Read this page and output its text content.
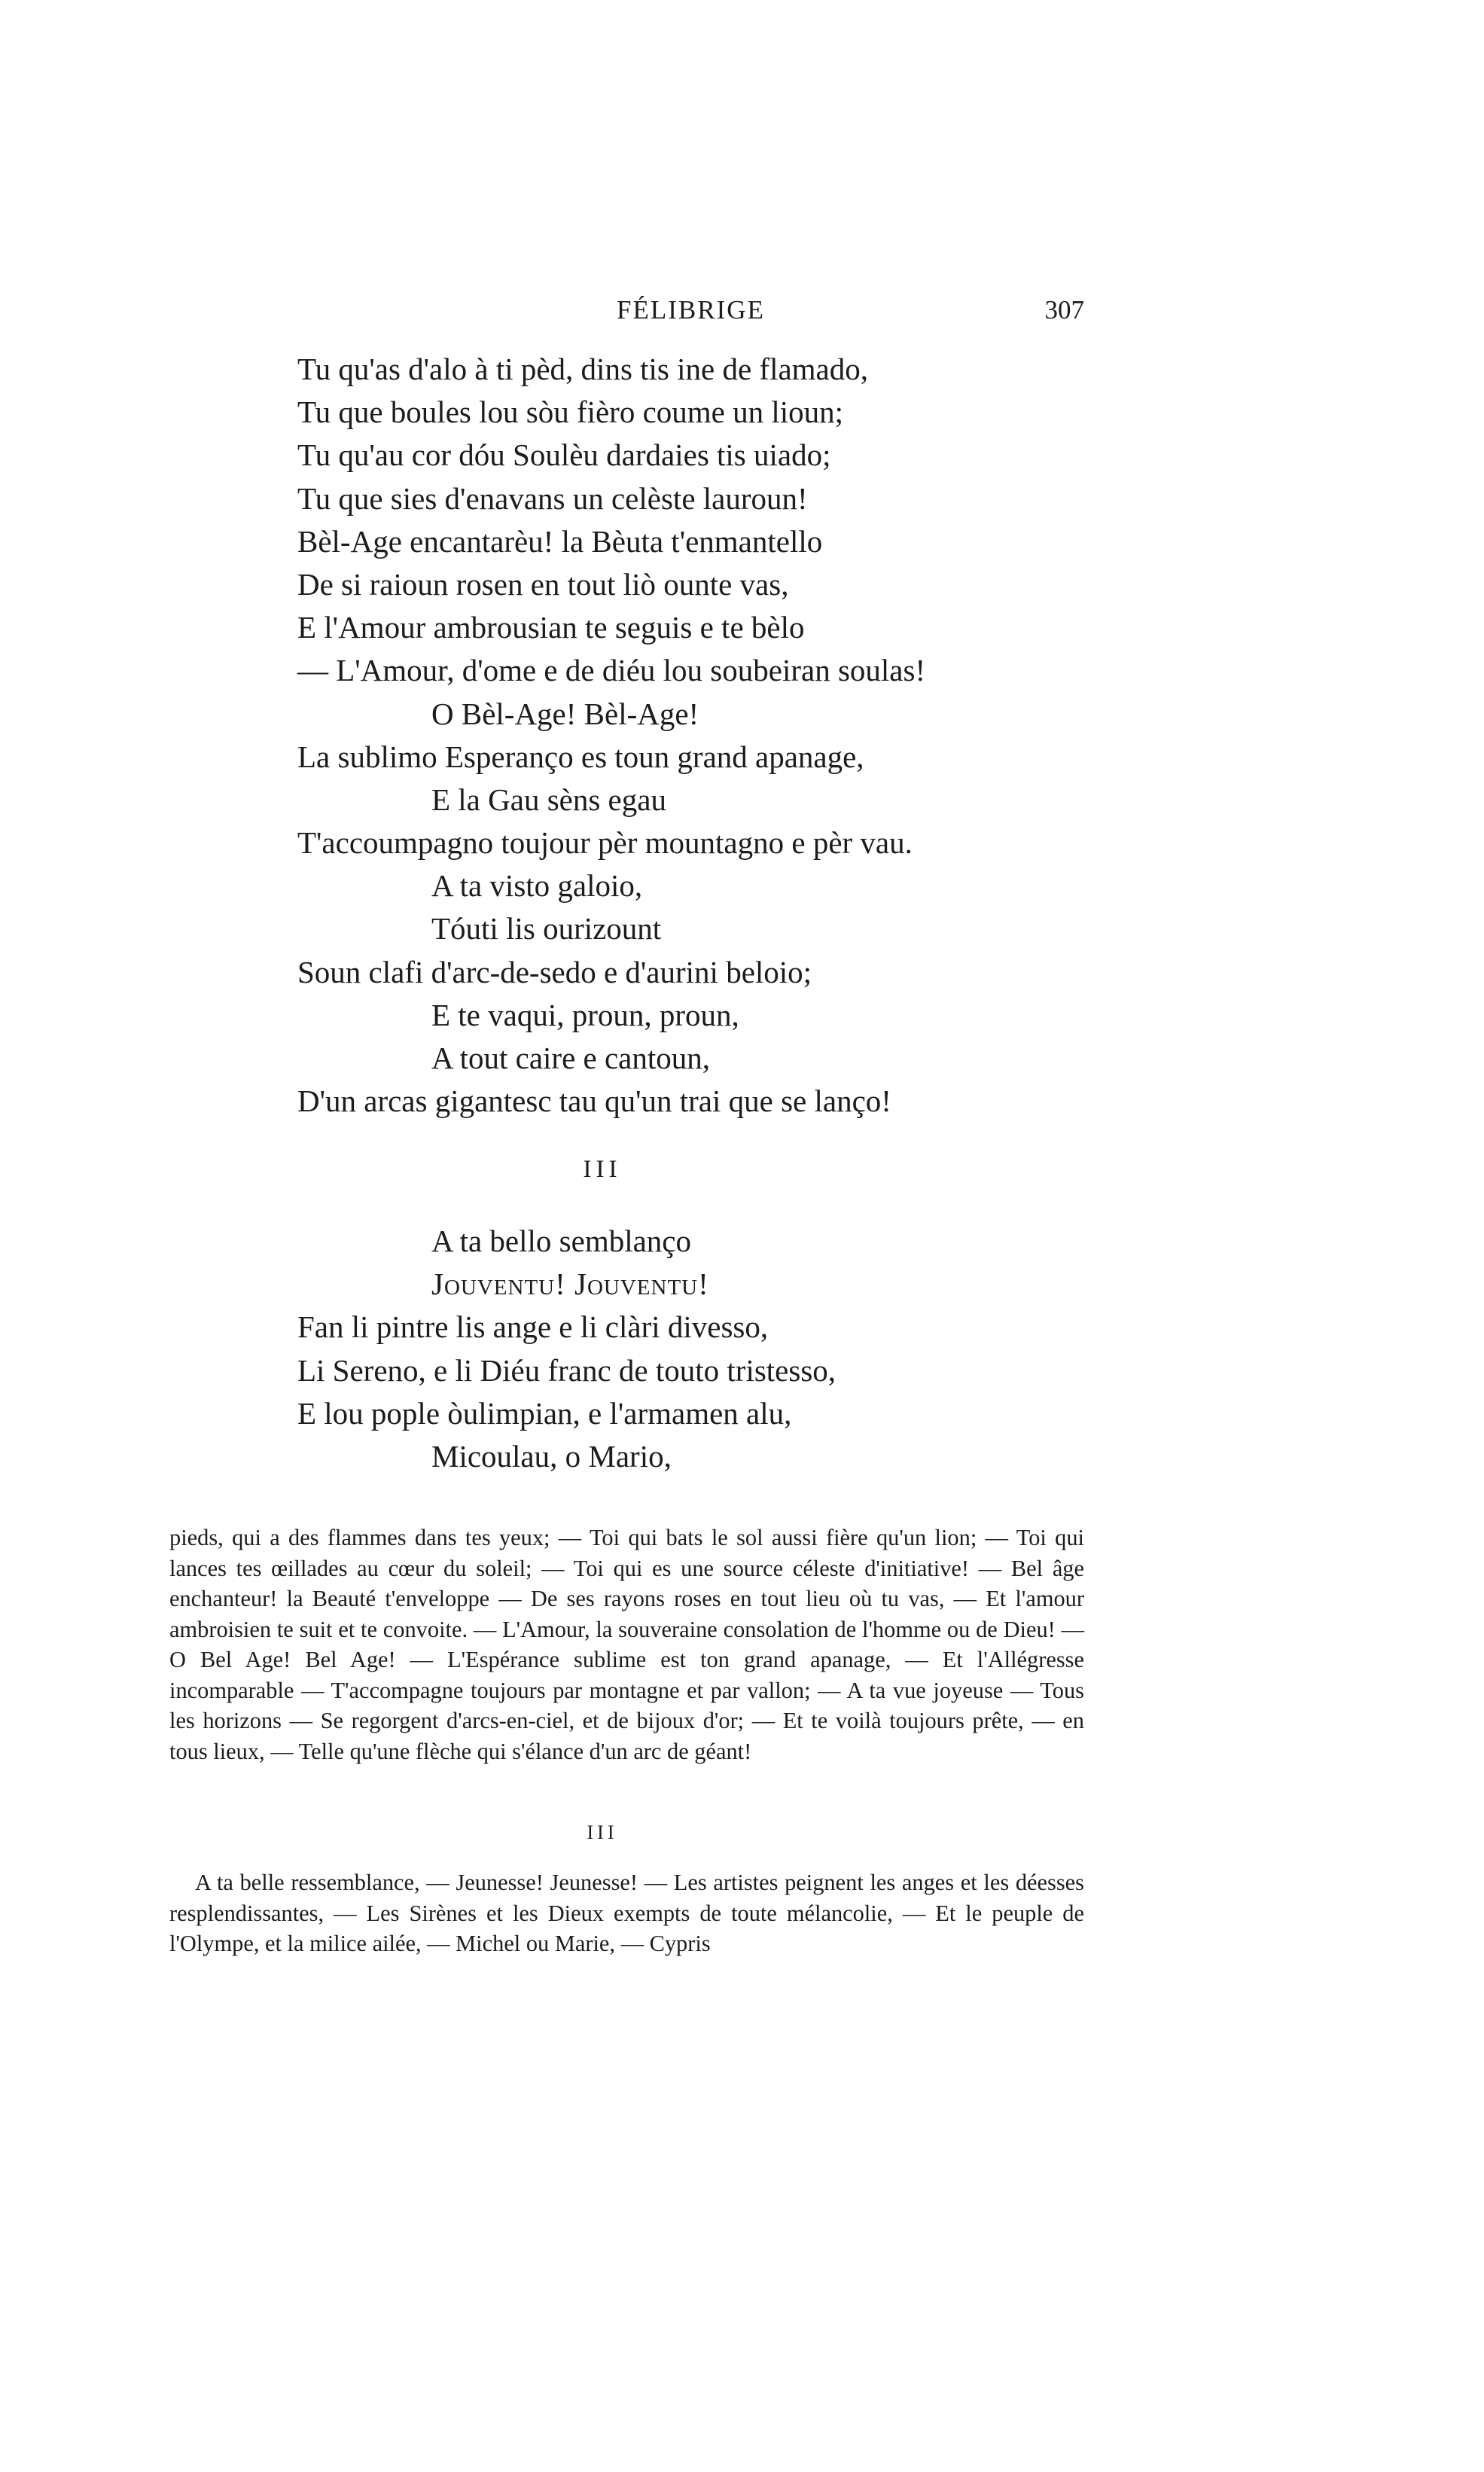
FÉLIBRIGE	307
Tu qu'as d'alo à ti pèd, dins tis ine de flamado,
Tu que boules lou sòu fièro coume un lioun;
Tu qu'au cor dóu Soulèu dardaies tis uiado;
Tu que sies d'enavans un celèste lauroun!
Bèl-Age encantarèu! la Bèuta t'enmantello
De si raioun rosen en tout liò ounte vas,
E l'Amour ambrousian te seguis e te bèlo
— L'Amour, d'ome e de diéu lou soubeiran soulas!
O Bèl-Age! Bèl-Age!
La sublimo Esperanço es toun grand apanage,
E la Gau sèns egau
T'accoumpagno toujour pèr mountagno e pèr vau.
A ta visto galoio,
Tóuti lis ourizount
Soun clafi d'arc-de-sedo e d'aurini beloio;
E te vaqui, proun, proun,
A tout caire e cantoun,
D'un arcas gigantesc tau qu'un trai que se lanço!
III
A ta bello semblanço
Jouventu! Jouventu!
Fan li pintre lis ange e li clàri divesso,
Li Sereno, e li Diéu franc de touto tristesso,
E lou pople òulimpian, e l'armamen alu,
Micoulau, o Mario,
pieds, qui a des flammes dans tes yeux; — Toi qui bats le sol aussi fière qu'un lion; — Toi qui lances tes œillades au cœur du soleil; — Toi qui es une source céleste d'initiative! — Bel âge enchanteur! la Beauté t'enveloppe — De ses rayons roses en tout lieu où tu vas, — Et l'amour ambroisien te suit et te convoite. — L'Amour, la souveraine consolation de l'homme ou de Dieu! — O Bel Age! Bel Age! — L'Espérance sublime est ton grand apanage, — Et l'Allégresse incomparable — T'accompagne toujours par montagne et par vallon; — A ta vue joyeuse — Tous les horizons — Se regorgent d'arcs-en-ciel, et de bijoux d'or; — Et te voilà toujours prête, — en tous lieux, — Telle qu'une flèche qui s'élance d'un arc de géant!
III
A ta belle ressemblance, — Jeunesse! Jeunesse! — Les artistes peignent les anges et les déesses resplendissantes, — Les Sirènes et les Dieux exempts de toute mélancolie, — Et le peuple de l'Olympe, et la milice ailée, — Michel ou Marie, — Cypris
